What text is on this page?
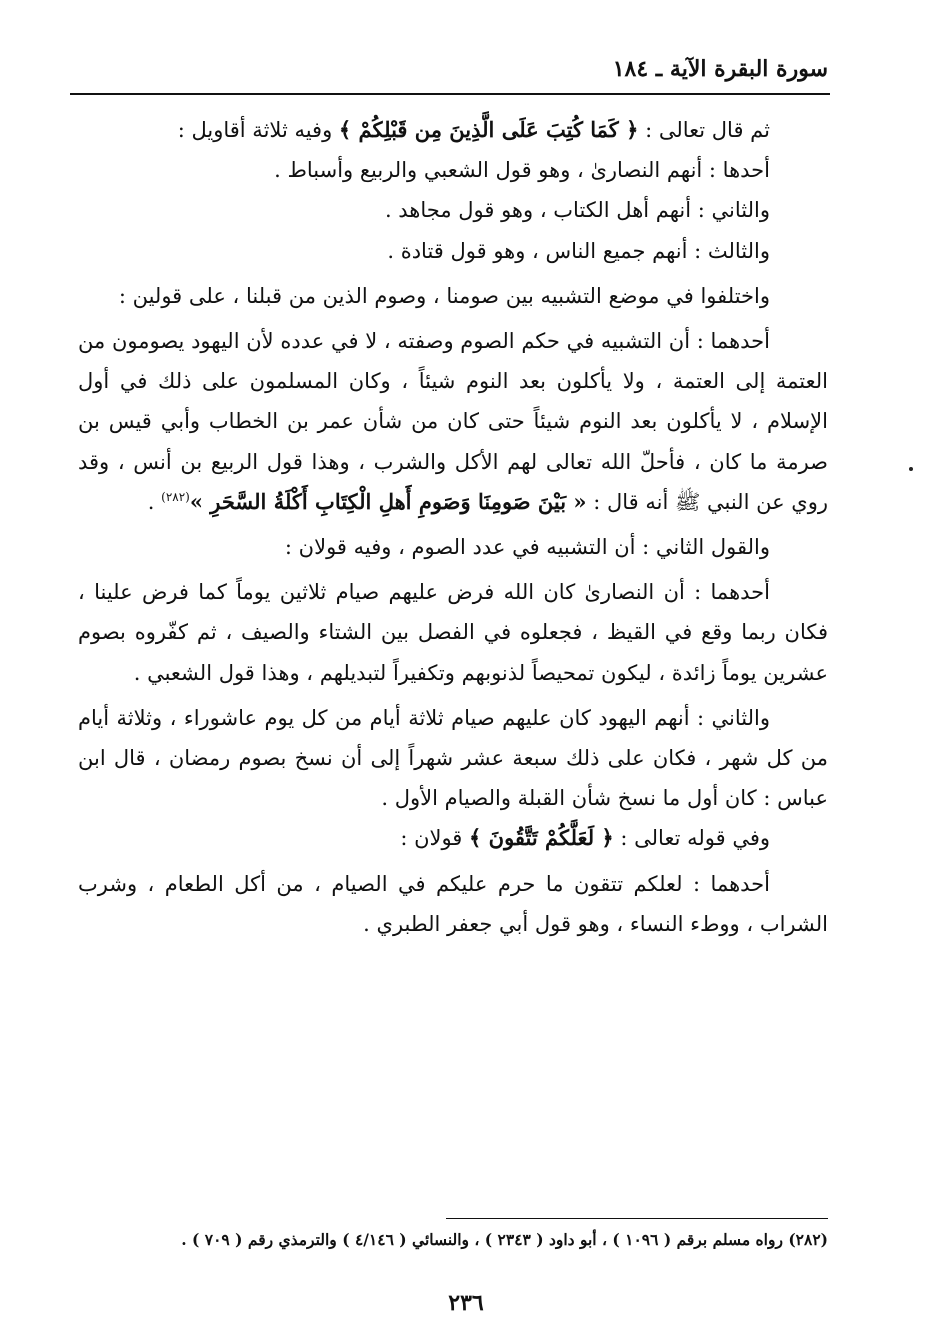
سورة البقرة الآية ـ ١٨٤

ثم قال تعالى : ﴿ كَمَا كُتِبَ عَلَى الَّذِينَ مِن قَبْلِكُمْ ﴾ وفيه ثلاثة أقاويل :

أحدها : أنهم النصارىٰ ، وهو قول الشعبي والربيع وأسباط .

والثاني : أنهم أهل الكتاب ، وهو قول مجاهد .

والثالث : أنهم جميع الناس ، وهو قول قتادة .

واختلفوا في موضع التشبيه بين صومنا ، وصوم الذين من قبلنا ، على قولين :

أحدهما : أن التشبيه في حكم الصوم وصفته ، لا في عدده لأن اليهود يصومون من العتمة إلى العتمة ، ولا يأكلون بعد النوم شيئاً ، وكان المسلمون على ذلك في أول الإسلام ، لا يأكلون بعد النوم شيئاً حتى كان من شأن عمر بن الخطاب وأبي قيس بن صرمة ما كان ، فأحلّ الله تعالى لهم الأكل والشرب ، وهذا قول الربيع بن أنس ، وقد روي عن النبي ﷺ أنه قال : « بَيْنَ صَومِنَا وَصَومِ أَهلِ الْكِتَابِ أَكْلَةُ السَّحَرِ »$^{(٢٨٢)}$ .

والقول الثاني : أن التشبيه في عدد الصوم ، وفيه قولان :

أحدهما : أن النصارىٰ كان الله فرض عليهم صيام ثلاثين يوماً كما فرض علينا ، فكان ربما وقع في القيظ ، فجعلوه في الفصل بين الشتاء والصيف ، ثم كفّروه بصوم عشرين يوماً زائدة ، ليكون تمحيصاً لذنوبهم وتكفيراً لتبديلهم ، وهذا قول الشعبي .

والثاني : أنهم اليهود كان عليهم صيام ثلاثة أيام من كل يوم عاشوراء ، وثلاثة أيام من كل شهر ، فكان على ذلك سبعة عشر شهراً إلى أن نسخ بصوم رمضان ، قال ابن عباس : كان أول ما نسخ شأن القبلة والصيام الأول .

وفي قوله تعالى : ﴿ لَعَلَّكُمْ تَتَّقُونَ ﴾ قولان :

أحدهما : لعلكم تتقون ما حرم عليكم في الصيام ، من أكل الطعام ، وشرب الشراب ، ووطء النساء ، وهو قول أبي جعفر الطبري .

(٢٨٢) رواه مسلم برقم ( ١٠٩٦ ) ، أبو داود ( ٢٣٤٣ ) ، والنسائي ( ٤/١٤٦ ) والترمذي رقم ( ٧٠٩ ) .
٢٣٦
